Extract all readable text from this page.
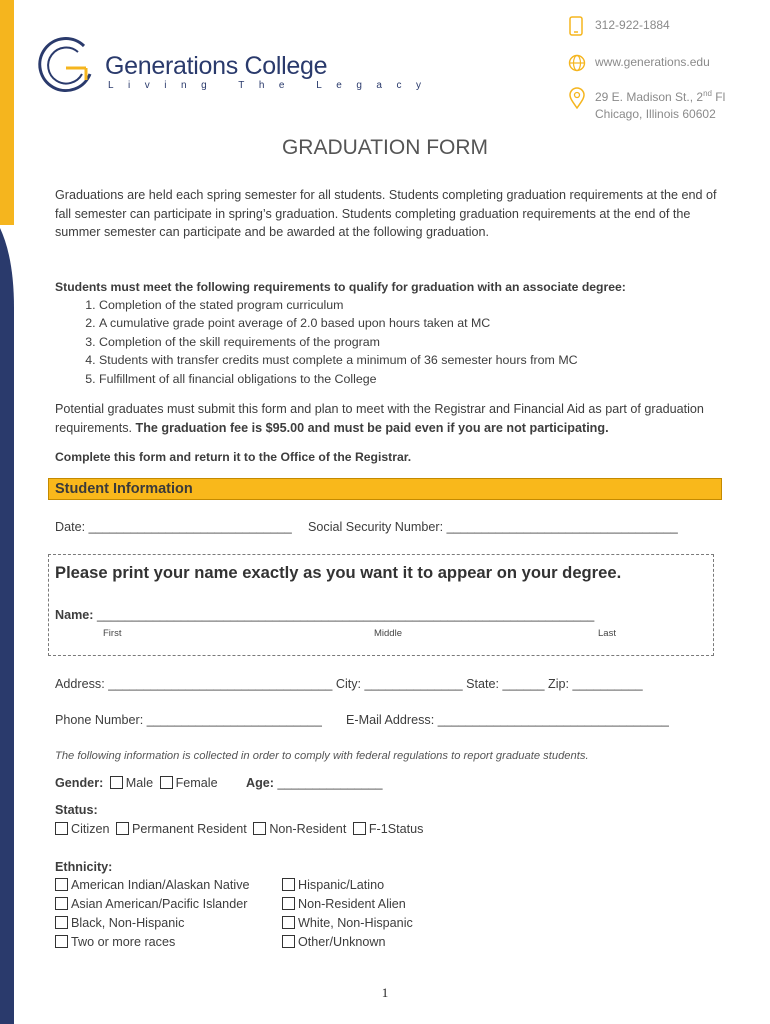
Generations College
Living The Legacy
312-922-1884
www.generations.edu
29 E. Madison St., 2nd Fl
Chicago, Illinois 60602
GRADUATION FORM
Graduations are held each spring semester for all students. Students completing graduation requirements at the end of fall semester can participate in spring’s graduation. Students completing graduation requirements at the end of the summer semester can participate and be awarded at the following graduation.
Students must meet the following requirements to qualify for graduation with an associate degree:
1. Completion of the stated program curriculum
2. A cumulative grade point average of 2.0 based upon hours taken at MC
3. Completion of the skill requirements of the program
4. Students with transfer credits must complete a minimum of 36 semester hours from MC
5. Fulfillment of all financial obligations to the College
Potential graduates must submit this form and plan to meet with the Registrar and Financial Aid as part of graduation requirements. The graduation fee is $95.00 and must be paid even if you are not participating.
Complete this form and return it to the Office of the Registrar.
Student Information
Date: _____________________________ Social Security Number: _________________________________
Please print your name exactly as you want it to appear on your degree.
Name: _______________________________________________________________________
First	Middle	Last
Address: ________________________________ City: ______________ State: ______ Zip: __________
Phone Number: _________________________ E-Mail Address: _________________________________
The following information is collected in order to comply with federal regulations to report graduate students.
Gender: Male Female Age: _______________
Status:
Citizen Permanent Resident Non-Resident F-1Status
Ethnicity:
American Indian/Alaskan Native
Asian American/Pacific Islander
Black, Non-Hispanic
Two or more races
Hispanic/Latino
Non-Resident Alien
White, Non-Hispanic
Other/Unknown
1
